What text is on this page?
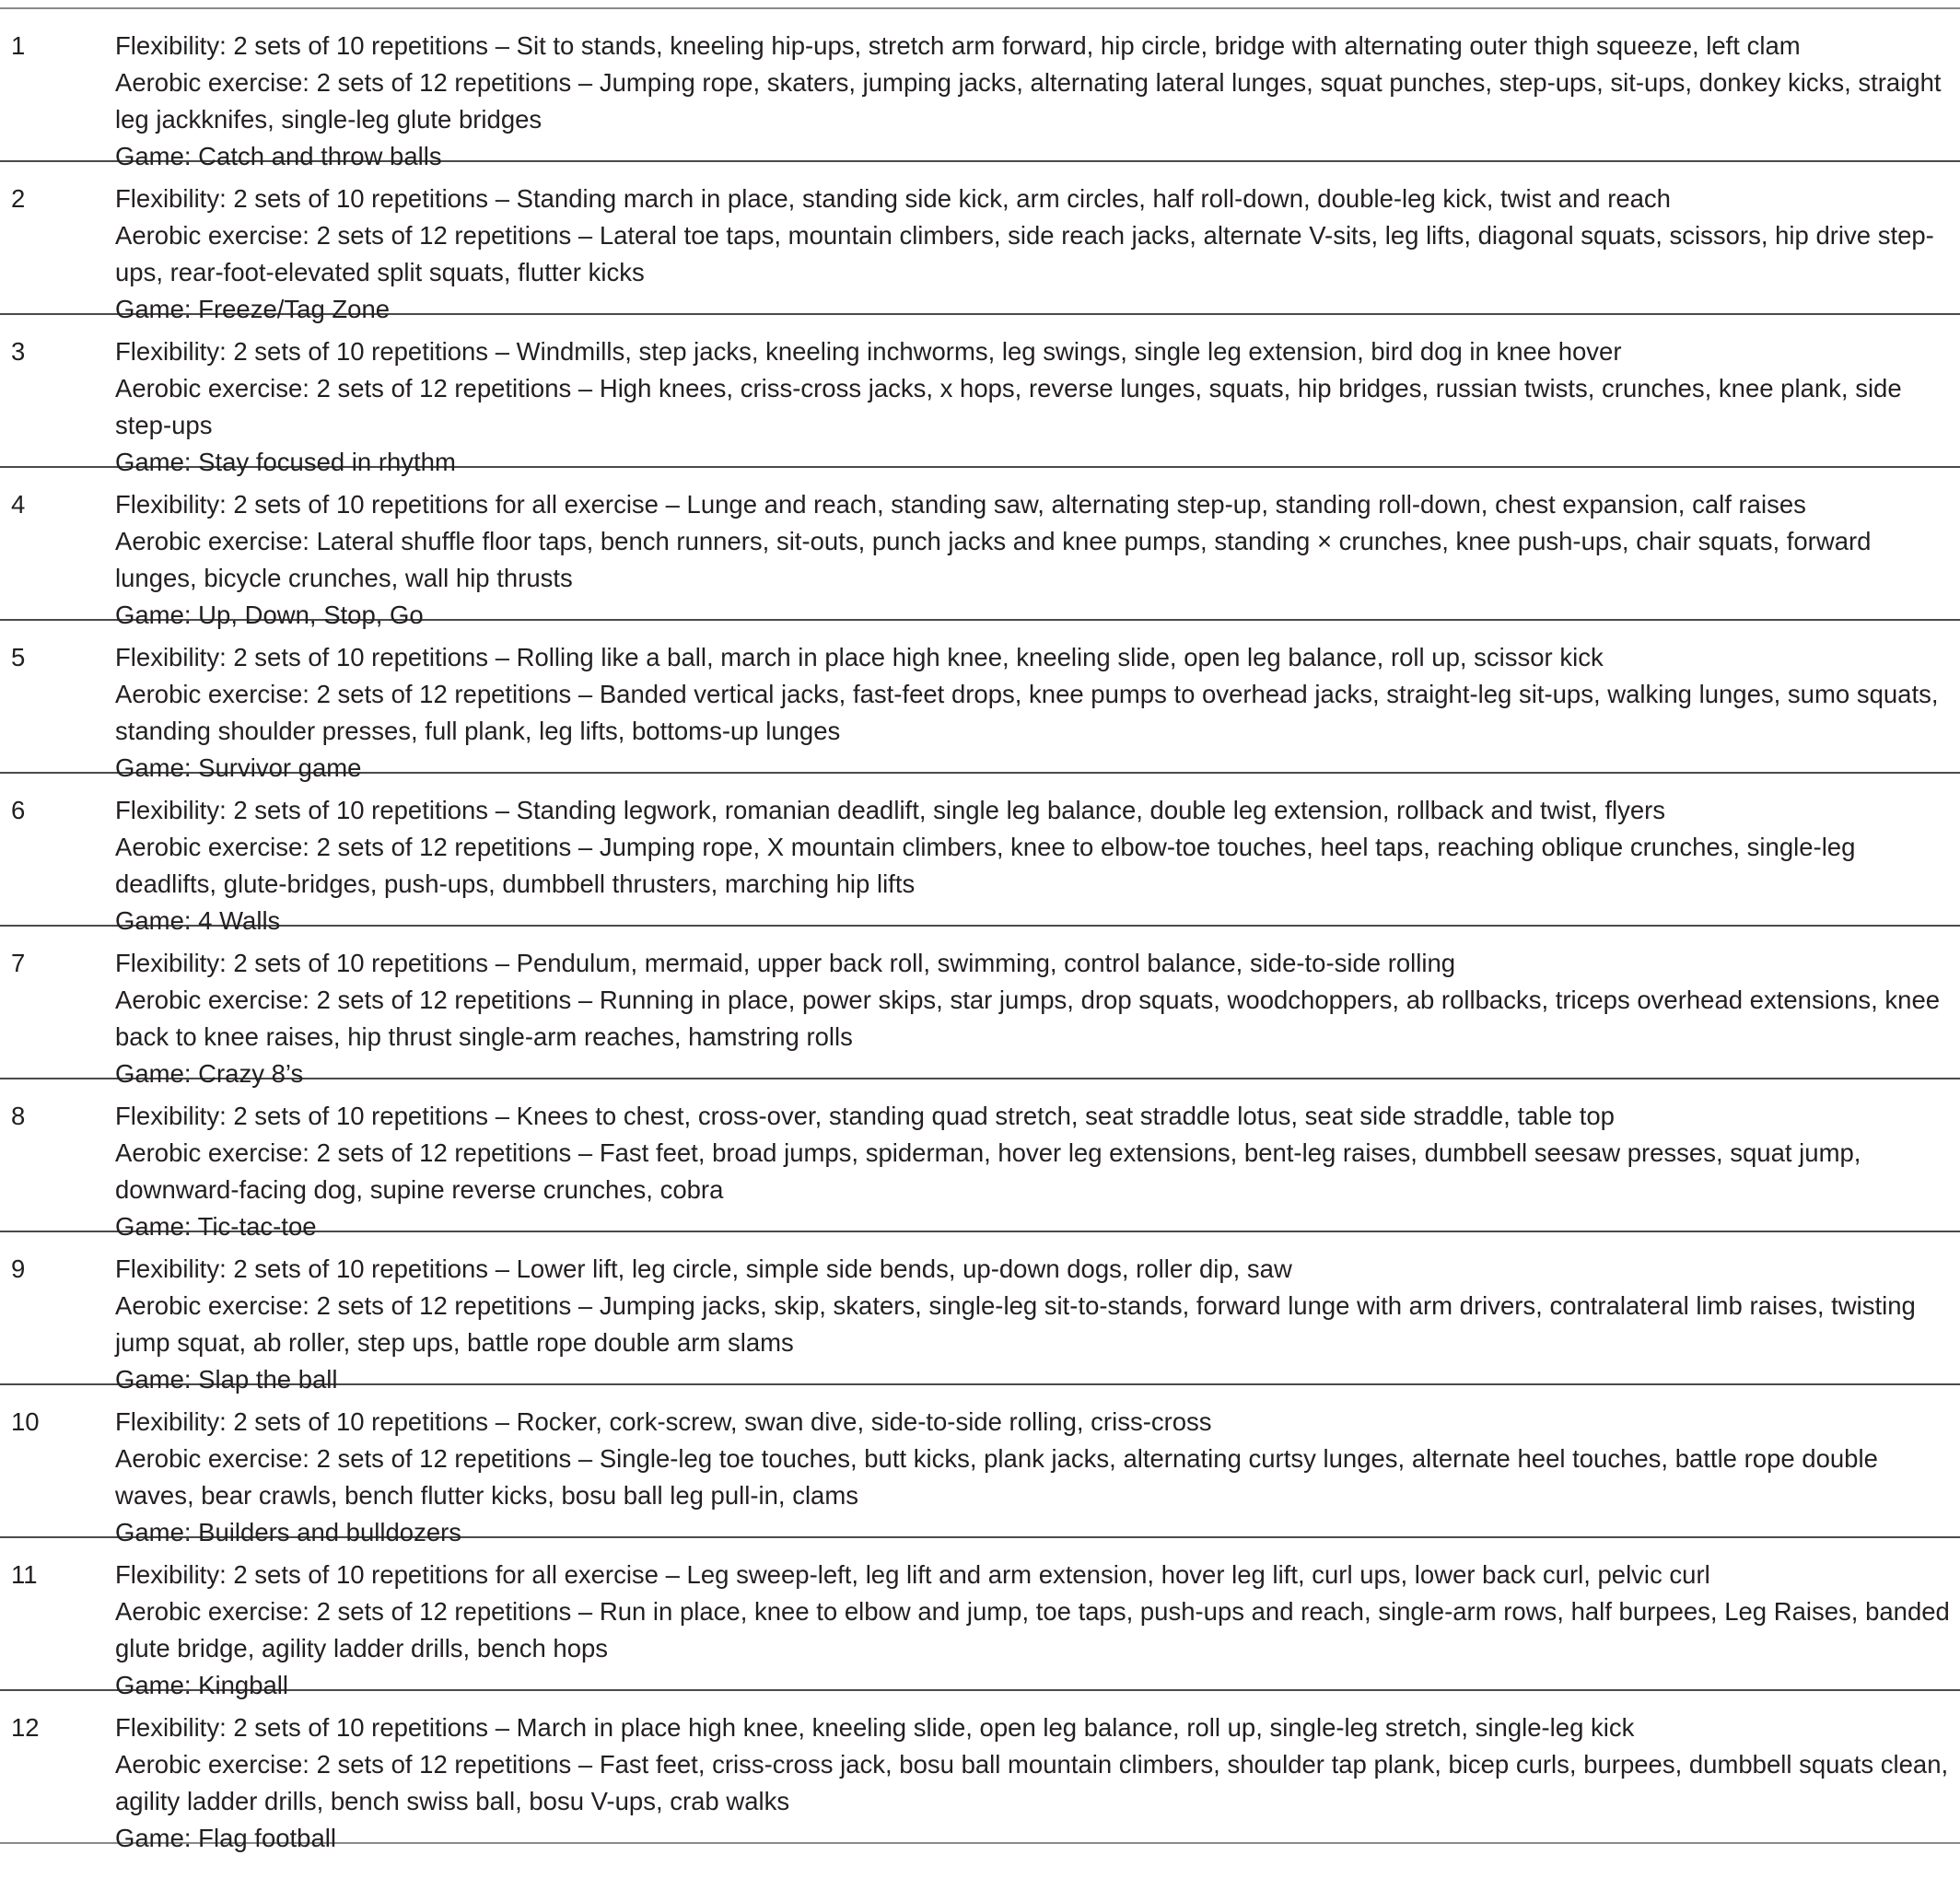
1	Flexibility: 2 sets of 10 repetitions – Sit to stands, kneeling hip-ups, stretch arm forward, hip circle, bridge with alternating outer thigh squeeze, left clam
Aerobic exercise: 2 sets of 12 repetitions – Jumping rope, skaters, jumping jacks, alternating lateral lunges, squat punches, step-ups, sit-ups, donkey kicks, straight leg jackknifes, single-leg glute bridges
Game: Catch and throw balls
2	Flexibility: 2 sets of 10 repetitions – Standing march in place, standing side kick, arm circles, half roll-down, double-leg kick, twist and reach
Aerobic exercise: 2 sets of 12 repetitions – Lateral toe taps, mountain climbers, side reach jacks, alternate V-sits, leg lifts, diagonal squats, scissors, hip drive step-ups, rear-foot-elevated split squats, flutter kicks
Game: Freeze/Tag Zone
3	Flexibility: 2 sets of 10 repetitions – Windmills, step jacks, kneeling inchworms, leg swings, single leg extension, bird dog in knee hover
Aerobic exercise: 2 sets of 12 repetitions – High knees, criss-cross jacks, x hops, reverse lunges, squats, hip bridges, russian twists, crunches, knee plank, side step-ups
Game: Stay focused in rhythm
4	Flexibility: 2 sets of 10 repetitions for all exercise – Lunge and reach, standing saw, alternating step-up, standing roll-down, chest expansion, calf raises
Aerobic exercise: Lateral shuffle floor taps, bench runners, sit-outs, punch jacks and knee pumps, standing × crunches, knee push-ups, chair squats, forward lunges, bicycle crunches, wall hip thrusts
Game: Up, Down, Stop, Go
5	Flexibility: 2 sets of 10 repetitions – Rolling like a ball, march in place high knee, kneeling slide, open leg balance, roll up, scissor kick
Aerobic exercise: 2 sets of 12 repetitions – Banded vertical jacks, fast-feet drops, knee pumps to overhead jacks, straight-leg sit-ups, walking lunges, sumo squats, standing shoulder presses, full plank, leg lifts, bottoms-up lunges
Game: Survivor game
6	Flexibility: 2 sets of 10 repetitions – Standing legwork, romanian deadlift, single leg balance, double leg extension, rollback and twist, flyers
Aerobic exercise: 2 sets of 12 repetitions – Jumping rope, X mountain climbers, knee to elbow-toe touches, heel taps, reaching oblique crunches, single-leg deadlifts, glute-bridges, push-ups, dumbbell thrusters, marching hip lifts
Game: 4 Walls
7	Flexibility: 2 sets of 10 repetitions – Pendulum, mermaid, upper back roll, swimming, control balance, side-to-side rolling
Aerobic exercise: 2 sets of 12 repetitions – Running in place, power skips, star jumps, drop squats, woodchoppers, ab rollbacks, triceps overhead extensions, knee back to knee raises, hip thrust single-arm reaches, hamstring rolls
Game: Crazy 8’s
8	Flexibility: 2 sets of 10 repetitions – Knees to chest, cross-over, standing quad stretch, seat straddle lotus, seat side straddle, table top
Aerobic exercise: 2 sets of 12 repetitions – Fast feet, broad jumps, spiderman, hover leg extensions, bent-leg raises, dumbbell seesaw presses, squat jump, downward-facing dog, supine reverse crunches, cobra
Game: Tic-tac-toe
9	Flexibility: 2 sets of 10 repetitions – Lower lift, leg circle, simple side bends, up-down dogs, roller dip, saw
Aerobic exercise: 2 sets of 12 repetitions – Jumping jacks, skip, skaters, single-leg sit-to-stands, forward lunge with arm drivers, contralateral limb raises, twisting jump squat, ab roller, step ups, battle rope double arm slams
Game: Slap the ball
10	Flexibility: 2 sets of 10 repetitions – Rocker, cork-screw, swan dive, side-to-side rolling, criss-cross
Aerobic exercise: 2 sets of 12 repetitions – Single-leg toe touches, butt kicks, plank jacks, alternating curtsy lunges, alternate heel touches, battle rope double waves, bear crawls, bench flutter kicks, bosu ball leg pull-in, clams
Game: Builders and bulldozers
11	Flexibility: 2 sets of 10 repetitions for all exercise – Leg sweep-left, leg lift and arm extension, hover leg lift, curl ups, lower back curl, pelvic curl
Aerobic exercise: 2 sets of 12 repetitions – Run in place, knee to elbow and jump, toe taps, push-ups and reach, single-arm rows, half burpees, Leg Raises, banded glute bridge, agility ladder drills, bench hops
Game: Kingball
12	Flexibility: 2 sets of 10 repetitions – March in place high knee, kneeling slide, open leg balance, roll up, single-leg stretch, single-leg kick
Aerobic exercise: 2 sets of 12 repetitions – Fast feet, criss-cross jack, bosu ball mountain climbers, shoulder tap plank, bicep curls, burpees, dumbbell squats clean, agility ladder drills, bench swiss ball, bosu V-ups, crab walks
Game: Flag football
